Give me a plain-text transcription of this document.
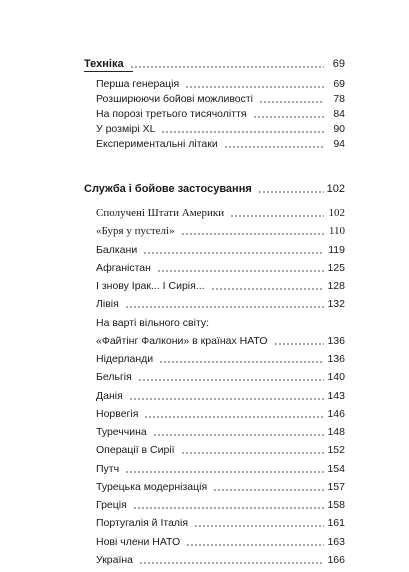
Техніка	69
Перша генерація	69
Розширюючи бойові можливості	78
На порозі третього тисячоліття	84
У розмірі XL	90
Експериментальні літаки	94
Служба і бойове застосування	102
Сполучені Штати Америки	102
«Буря у пустелі»	110
Балкани	119
Афганістан	125
І знову Ірак... І Сирія...	128
Лівія	132
На варті вільного світу:
«Файтінг Фалкони» в країнах НАТО	136
Нідерланди	136
Бельгія	140
Данія	143
Норвегія	146
Туреччина	148
Операції в Сирії	152
Путч	154
Турецька модернізація	157
Греція	158
Португалія й Італія	161
Нові члени НАТО	163
Україна	166
